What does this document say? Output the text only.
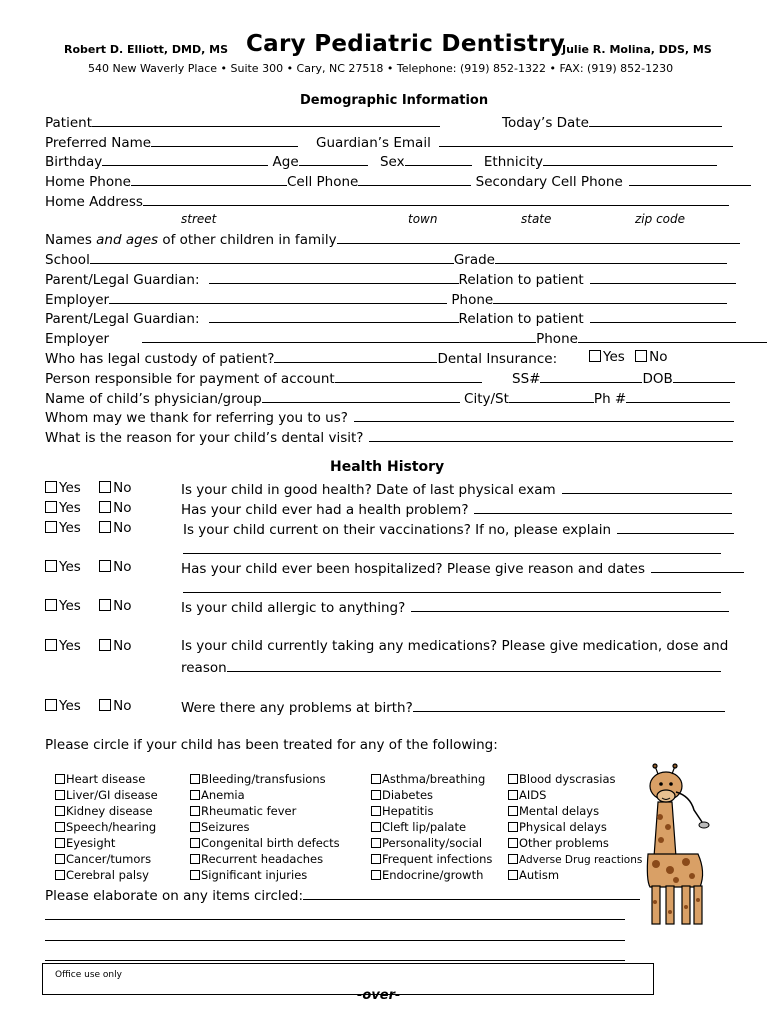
Robert D. Elliott, DMD, MS Cary Pediatric Dentistry
Julie R. Molina, DDS, MS
540 New Waverly Place • Suite 300 • Cary, NC 27518 • Telephone: (919) 852-1322 • FAX: (919) 852-1230
Demographic Information
Patient	Today’s Date
Preferred Name	Guardian’s Email
Birthday	Age	Sex	Ethnicity
Home Phone	Cell Phone	Secondary Cell Phone
Home Address
street	town	state	zip code
Names and ages of other children in family
School	Grade
Parent/Legal Guardian:	Relation to patient
Employer	Phone
Parent/Legal Guardian:	Relation to patient
Employer	Phone
Who has legal custody of patient?	Dental Insurance:	Yes No
Person responsible for payment of account	SS#	DOB
Name of child’s physician/group	City/St	Ph #
Whom may we thank for referring you to us?
What is the reason for your child’s dental visit?
Health History
Yes No	Is your child in good health? Date of last physical exam
Yes No	Has your child ever had a health problem?
Yes No	Is your child current on their vaccinations? If no, please explain
Yes No	Has your child ever been hospitalized? Please give reason and dates
Yes No	Is your child allergic to anything?
Yes No	Is your child currently taking any medications? Please give medication, dose and
reason
Yes No	Were there any problems at birth?
Please circle if your child has been treated for any of the following:
Heart disease
Liver/GI disease
Kidney disease
Speech/hearing
Eyesight
Cancer/tumors
Cerebral palsy
Bleeding/transfusions
Anemia
Rheumatic fever
Seizures
Congenital birth defects
Recurrent headaches
Significant injuries
Asthma/breathing
Diabetes
Hepatitis
Cleft lip/palate
Personality/social
Frequent infections
Endocrine/growth
Blood dyscrasias
AIDS
Mental delays
Physical delays
Other problems
Adverse Drug reactions
Autism
Please elaborate on any items circled:
Office use only
-over-
